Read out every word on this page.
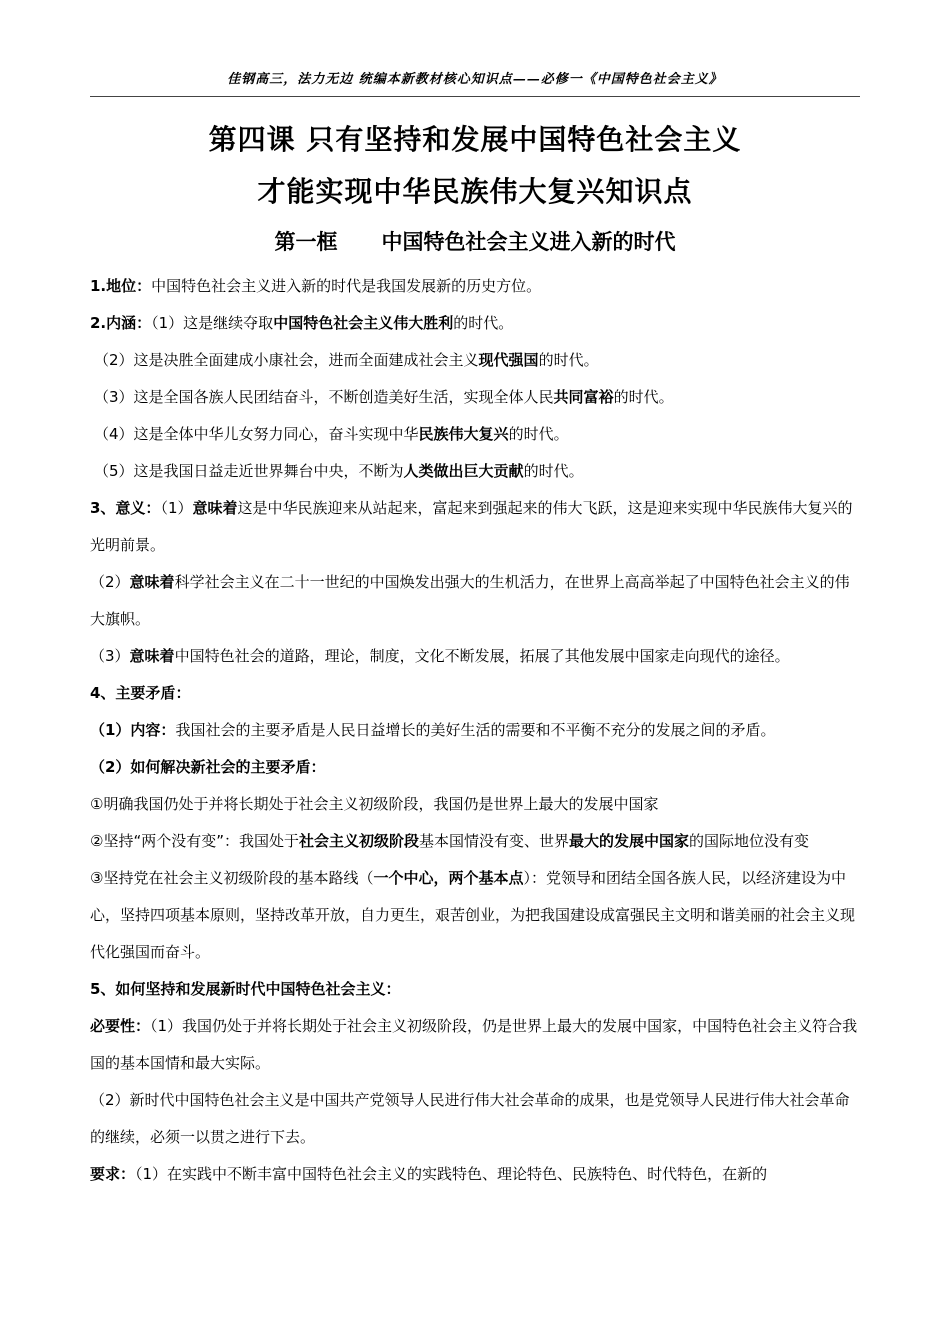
佳钢高三，法力无边 统编本新教材核心知识点——必修一《中国特色社会主义》
第四课 只有坚持和发展中国特色社会主义
才能实现中华民族伟大复兴知识点
第一框 中国特色社会主义进入新的时代

1.地位：中国特色社会主义进入新的时代是我国发展新的历史方位。

2.内涵：（1）这是继续夺取中国特色社会主义伟大胜利的时代。

（2）这是决胜全面建成小康社会，进而全面建成社会主义现代强国的时代。

（3）这是全国各族人民团结奋斗，不断创造美好生活，实现全体人民共同富裕的时代。

（4）这是全体中华儿女努力同心，奋斗实现中华民族伟大复兴的时代。

（5）这是我国日益走近世界舞台中央，不断为人类做出巨大贡献的时代。

3、意义：（1）意味着这是中华民族迎来从站起来，富起来到强起来的伟大飞跃，这是迎来实现中华民族伟大复兴的光明前景。

（2）意味着科学社会主义在二十一世纪的中国焕发出强大的生机活力，在世界上高高举起了中国特色社会主义的伟大旗帜。

（3）意味着中国特色社会的道路，理论，制度，文化不断发展，拓展了其他发展中国家走向现代的途径。

4、主要矛盾：

（1）内容：我国社会的主要矛盾是人民日益增长的美好生活的需要和不平衡不充分的发展之间的矛盾。

（2）如何解决新社会的主要矛盾：

①明确我国仍处于并将长期处于社会主义初级阶段，我国仍是世界上最大的发展中国家

②坚持“两个没有变”：我国处于社会主义初级阶段基本国情没有变、世界最大的发展中国家的国际地位没有变

③坚持党在社会主义初级阶段的基本路线（一个中心，两个基本点）：党领导和团结全国各族人民，以经济建设为中心，坚持四项基本原则，坚持改革开放，自力更生，艰苦创业，为把我国建设成富强民主文明和谐美丽的社会主义现代化强国而奋斗。

5、如何坚持和发展新时代中国特色社会主义：

必要性：（1）我国仍处于并将长期处于社会主义初级阶段，仍是世界上最大的发展中国家，中国特色社会主义符合我国的基本国情和最大实际。

（2）新时代中国特色社会主义是中国共产党领导人民进行伟大社会革命的成果，也是党领导人民进行伟大社会革命的继续，必须一以贯之进行下去。

要求：（1）在实践中不断丰富中国特色社会主义的实践特色、理论特色、民族特色、时代特色，在新的
